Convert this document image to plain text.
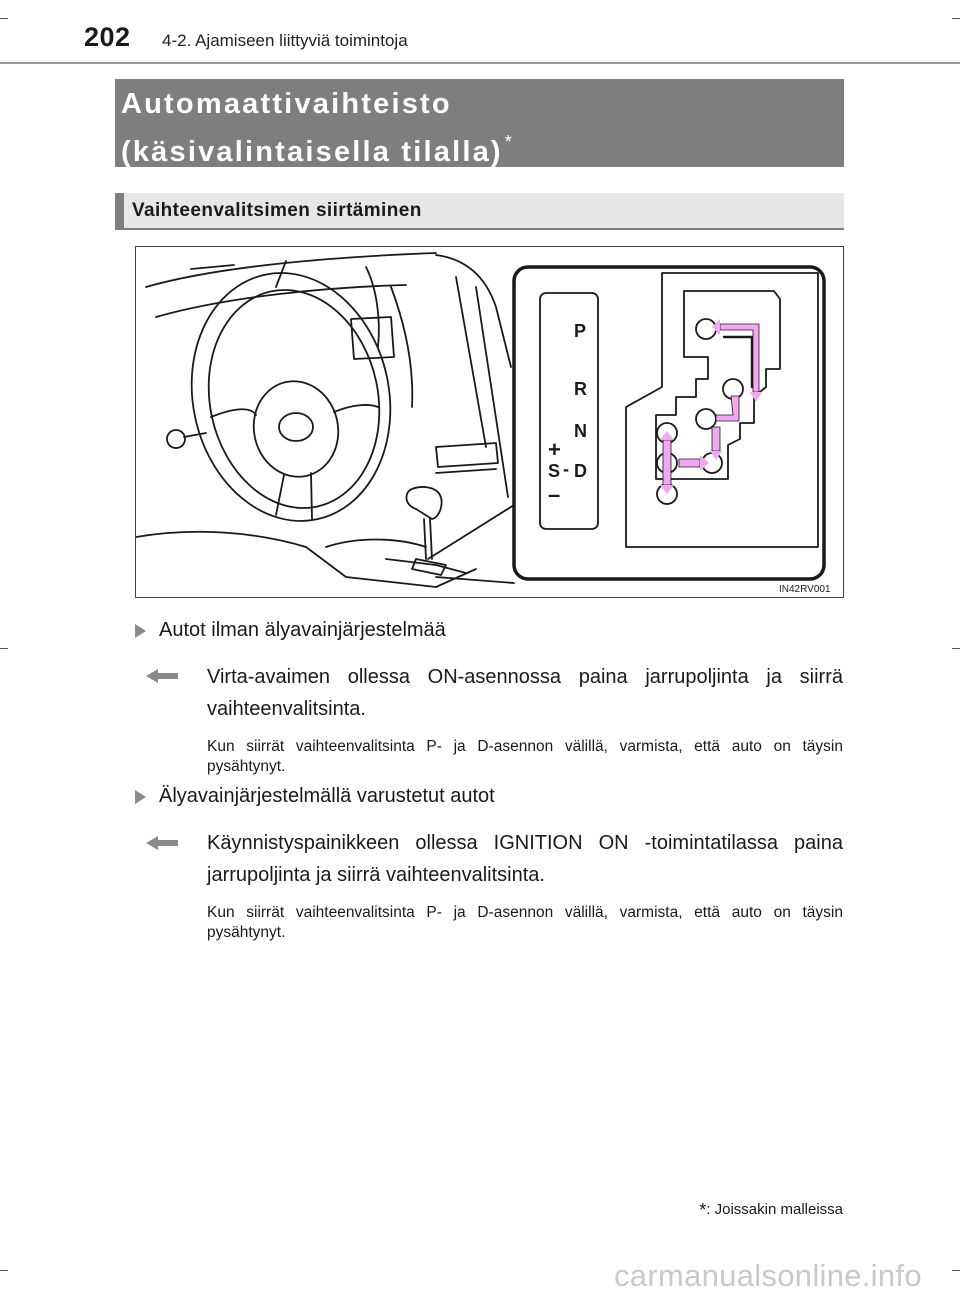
202 4-2. Ajamiseen liittyviä toimintoja
Automaattivaihteisto
(käsivalintaisella tilalla) *
Vaihteenvalitsimen siirtäminen
P
R
N
D
S
+
-
–
IN42RV001
Autot ilman älyavainjärjestelmää
Virta-avaimen ollessa ON-asennossa paina jarrupoljinta ja siirrä vaihteenvalitsinta.
Kun siirrät vaihteenvalitsinta P- ja D-asennon välillä, varmista, että auto on täysin pysähtynyt.
Älyavainjärjestelmällä varustetut autot
Käynnistyspainikkeen ollessa IGNITION ON -toimintatilassa paina jarrupoljinta ja siirrä vaihteenvalitsinta.
Kun siirrät vaihteenvalitsinta P- ja D-asennon välillä, varmista, että auto on täysin pysähtynyt.
*: Joissakin malleissa
carmanualsonline.info
